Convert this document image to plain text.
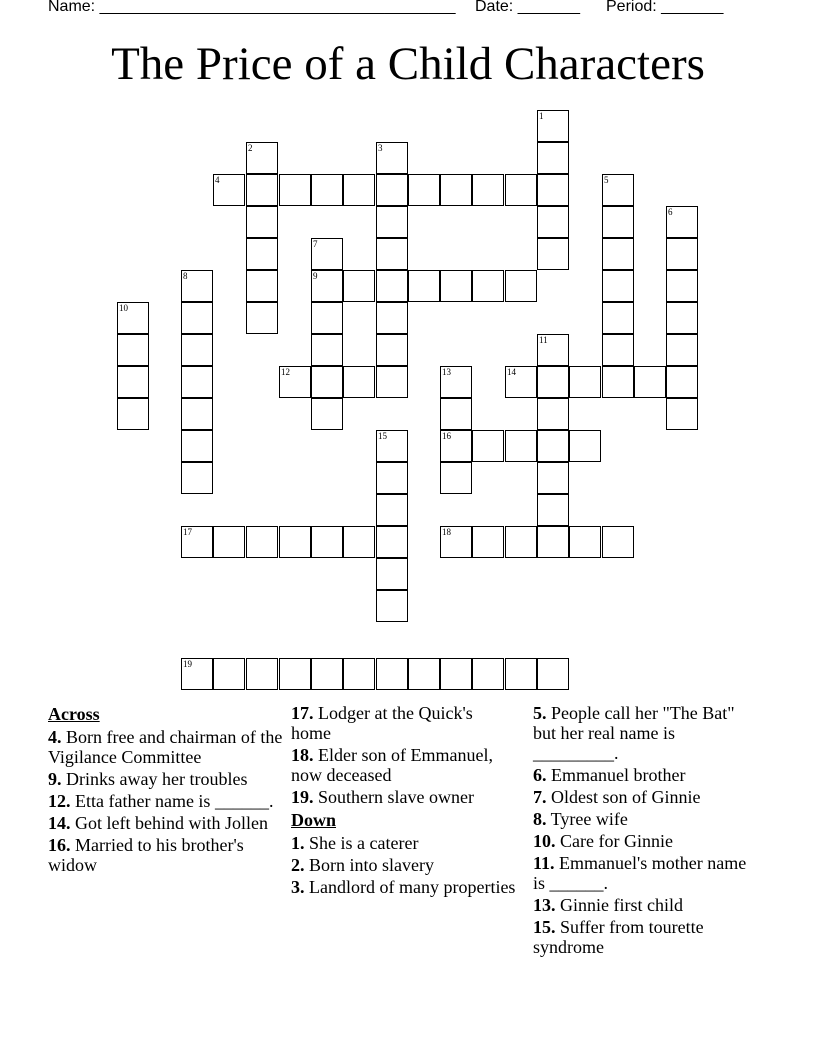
Name: ________________________________________ Date: _______ Period: _______
The Price of a Child Characters
1
2	3
4	5
6
7
8	9
10
11
12	13	14
15	16
17	18
19
Across
4. Born free and chairman of the Vigilance Committee
9. Drinks away her troubles
12. Etta father name is ______.
14. Got left behind with Jollen
16. Married to his brother's widow
17. Lodger at the Quick's home
18. Elder son of Emmanuel, now deceased
19. Southern slave owner
Down
1. She is a caterer
2. Born into slavery
3. Landlord of many properties
5. People call her "The Bat" but her real name is _________.
6. Emmanuel brother
7. Oldest son of Ginnie
8. Tyree wife
10. Care for Ginnie
11. Emmanuel's mother name is ______.
13. Ginnie first child
15. Suffer from tourette syndrome
